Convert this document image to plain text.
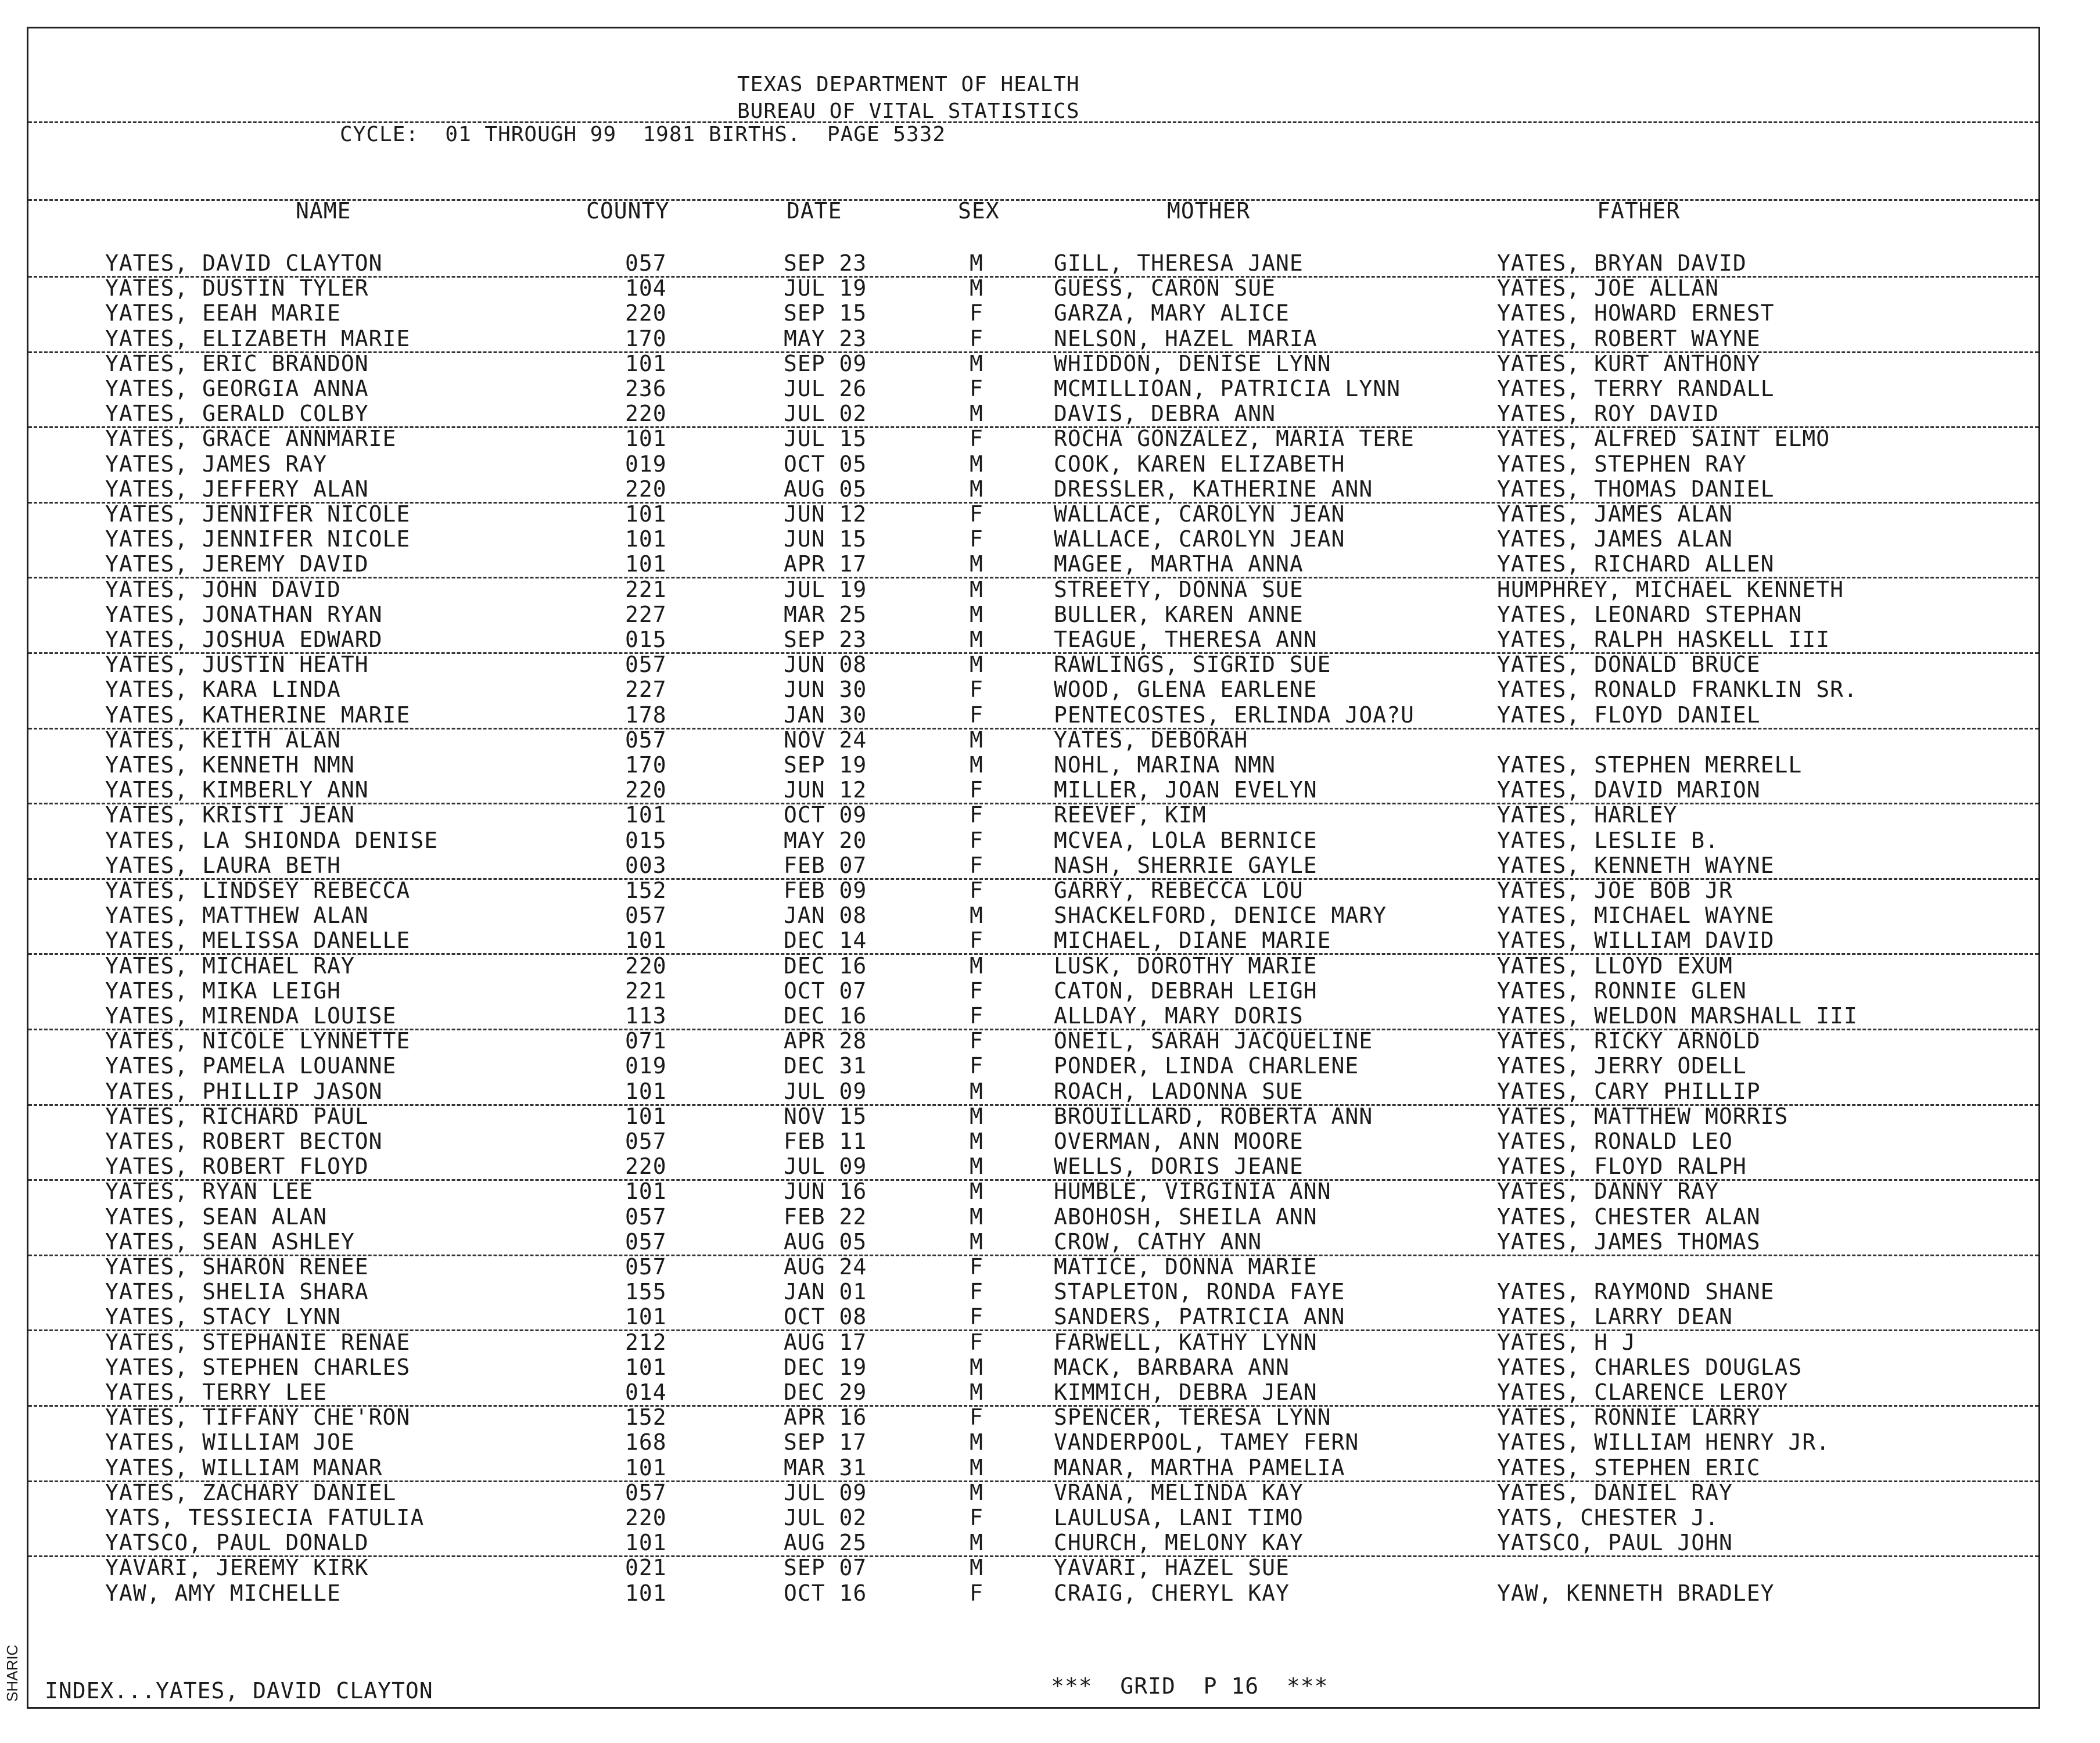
TEXAS DEPARTMENT OF HEALTH
BUREAU OF VITAL STATISTICS
CYCLE:  01 THROUGH 99  1981 BIRTHS.  PAGE 5332
NAME	COUNTY	DATE	SEX	MOTHER	FATHER
YATES, DAVID CLAYTON	057	SEP 23	M	GILL, THERESA JANE	YATES, BRYAN DAVID
YATES, DUSTIN TYLER	104	JUL 19	M	GUESS, CARON SUE	YATES, JOE ALLAN
YATES, EEAH MARIE	220	SEP 15	F	GARZA, MARY ALICE	YATES, HOWARD ERNEST
YATES, ELIZABETH MARIE	170	MAY 23	F	NELSON, HAZEL MARIA	YATES, ROBERT WAYNE
YATES, ERIC BRANDON	101	SEP 09	M	WHIDDON, DENISE LYNN	YATES, KURT ANTHONY
YATES, GEORGIA ANNA	236	JUL 26	F	MCMILLIOAN, PATRICIA LYNN	YATES, TERRY RANDALL
YATES, GERALD COLBY	220	JUL 02	M	DAVIS, DEBRA ANN	YATES, ROY DAVID
YATES, GRACE ANNMARIE	101	JUL 15	F	ROCHA GONZALEZ, MARIA TERE	YATES, ALFRED SAINT ELMO
YATES, JAMES RAY	019	OCT 05	M	COOK, KAREN ELIZABETH	YATES, STEPHEN RAY
YATES, JEFFERY ALAN	220	AUG 05	M	DRESSLER, KATHERINE ANN	YATES, THOMAS DANIEL
YATES, JENNIFER NICOLE	101	JUN 12	F	WALLACE, CAROLYN JEAN	YATES, JAMES ALAN
YATES, JENNIFER NICOLE	101	JUN 15	F	WALLACE, CAROLYN JEAN	YATES, JAMES ALAN
YATES, JEREMY DAVID	101	APR 17	M	MAGEE, MARTHA ANNA	YATES, RICHARD ALLEN
YATES, JOHN DAVID	221	JUL 19	M	STREETY, DONNA SUE	HUMPHREY, MICHAEL KENNETH
YATES, JONATHAN RYAN	227	MAR 25	M	BULLER, KAREN ANNE	YATES, LEONARD STEPHAN
YATES, JOSHUA EDWARD	015	SEP 23	M	TEAGUE, THERESA ANN	YATES, RALPH HASKELL III
YATES, JUSTIN HEATH	057	JUN 08	M	RAWLINGS, SIGRID SUE	YATES, DONALD BRUCE
YATES, KARA LINDA	227	JUN 30	F	WOOD, GLENA EARLENE	YATES, RONALD FRANKLIN SR.
YATES, KATHERINE MARIE	178	JAN 30	F	PENTECOSTES, ERLINDA JOA?U	YATES, FLOYD DANIEL
YATES, KEITH ALAN	057	NOV 24	M	YATES, DEBORAH
YATES, KENNETH NMN	170	SEP 19	M	NOHL, MARINA NMN	YATES, STEPHEN MERRELL
YATES, KIMBERLY ANN	220	JUN 12	F	MILLER, JOAN EVELYN	YATES, DAVID MARION
YATES, KRISTI JEAN	101	OCT 09	F	REEVEF, KIM	YATES, HARLEY
YATES, LA SHIONDA DENISE	015	MAY 20	F	MCVEA, LOLA BERNICE	YATES, LESLIE B.
YATES, LAURA BETH	003	FEB 07	F	NASH, SHERRIE GAYLE	YATES, KENNETH WAYNE
YATES, LINDSEY REBECCA	152	FEB 09	F	GARRY, REBECCA LOU	YATES, JOE BOB JR
YATES, MATTHEW ALAN	057	JAN 08	M	SHACKELFORD, DENICE MARY	YATES, MICHAEL WAYNE
YATES, MELISSA DANELLE	101	DEC 14	F	MICHAEL, DIANE MARIE	YATES, WILLIAM DAVID
YATES, MICHAEL RAY	220	DEC 16	M	LUSK, DOROTHY MARIE	YATES, LLOYD EXUM
YATES, MIKA LEIGH	221	OCT 07	F	CATON, DEBRAH LEIGH	YATES, RONNIE GLEN
YATES, MIRENDA LOUISE	113	DEC 16	F	ALLDAY, MARY DORIS	YATES, WELDON MARSHALL III
YATES, NICOLE LYNNETTE	071	APR 28	F	ONEIL, SARAH JACQUELINE	YATES, RICKY ARNOLD
YATES, PAMELA LOUANNE	019	DEC 31	F	PONDER, LINDA CHARLENE	YATES, JERRY ODELL
YATES, PHILLIP JASON	101	JUL 09	M	ROACH, LADONNA SUE	YATES, CARY PHILLIP
YATES, RICHARD PAUL	101	NOV 15	M	BROUILLARD, ROBERTA ANN	YATES, MATTHEW MORRIS
YATES, ROBERT BECTON	057	FEB 11	M	OVERMAN, ANN MOORE	YATES, RONALD LEO
YATES, ROBERT FLOYD	220	JUL 09	M	WELLS, DORIS JEANE	YATES, FLOYD RALPH
YATES, RYAN LEE	101	JUN 16	M	HUMBLE, VIRGINIA ANN	YATES, DANNY RAY
YATES, SEAN ALAN	057	FEB 22	M	ABOHOSH, SHEILA ANN	YATES, CHESTER ALAN
YATES, SEAN ASHLEY	057	AUG 05	M	CROW, CATHY ANN	YATES, JAMES THOMAS
YATES, SHARON RENEE	057	AUG 24	F	MATICE, DONNA MARIE
YATES, SHELIA SHARA	155	JAN 01	F	STAPLETON, RONDA FAYE	YATES, RAYMOND SHANE
YATES, STACY LYNN	101	OCT 08	F	SANDERS, PATRICIA ANN	YATES, LARRY DEAN
YATES, STEPHANIE RENAE	212	AUG 17	F	FARWELL, KATHY LYNN	YATES, H J
YATES, STEPHEN CHARLES	101	DEC 19	M	MACK, BARBARA ANN	YATES, CHARLES DOUGLAS
YATES, TERRY LEE	014	DEC 29	M	KIMMICH, DEBRA JEAN	YATES, CLARENCE LEROY
YATES, TIFFANY CHE'RON	152	APR 16	F	SPENCER, TERESA LYNN	YATES, RONNIE LARRY
YATES, WILLIAM JOE	168	SEP 17	M	VANDERPOOL, TAMEY FERN	YATES, WILLIAM HENRY JR.
YATES, WILLIAM MANAR	101	MAR 31	M	MANAR, MARTHA PAMELIA	YATES, STEPHEN ERIC
YATES, ZACHARY DANIEL	057	JUL 09	M	VRANA, MELINDA KAY	YATES, DANIEL RAY
YATS, TESSIECIA FATULIA	220	JUL 02	F	LAULUSA, LANI TIMO	YATS, CHESTER J.
YATSCO, PAUL DONALD	101	AUG 25	M	CHURCH, MELONY KAY	YATSCO, PAUL JOHN
YAVARI, JEREMY KIRK	021	SEP 07	M	YAVARI, HAZEL SUE
YAW, AMY MICHELLE	101	OCT 16	F	CRAIG, CHERYL KAY	YAW, KENNETH BRADLEY
INDEX...YATES, DAVID CLAYTON	***  GRID  P 16  ***
SHARIC
